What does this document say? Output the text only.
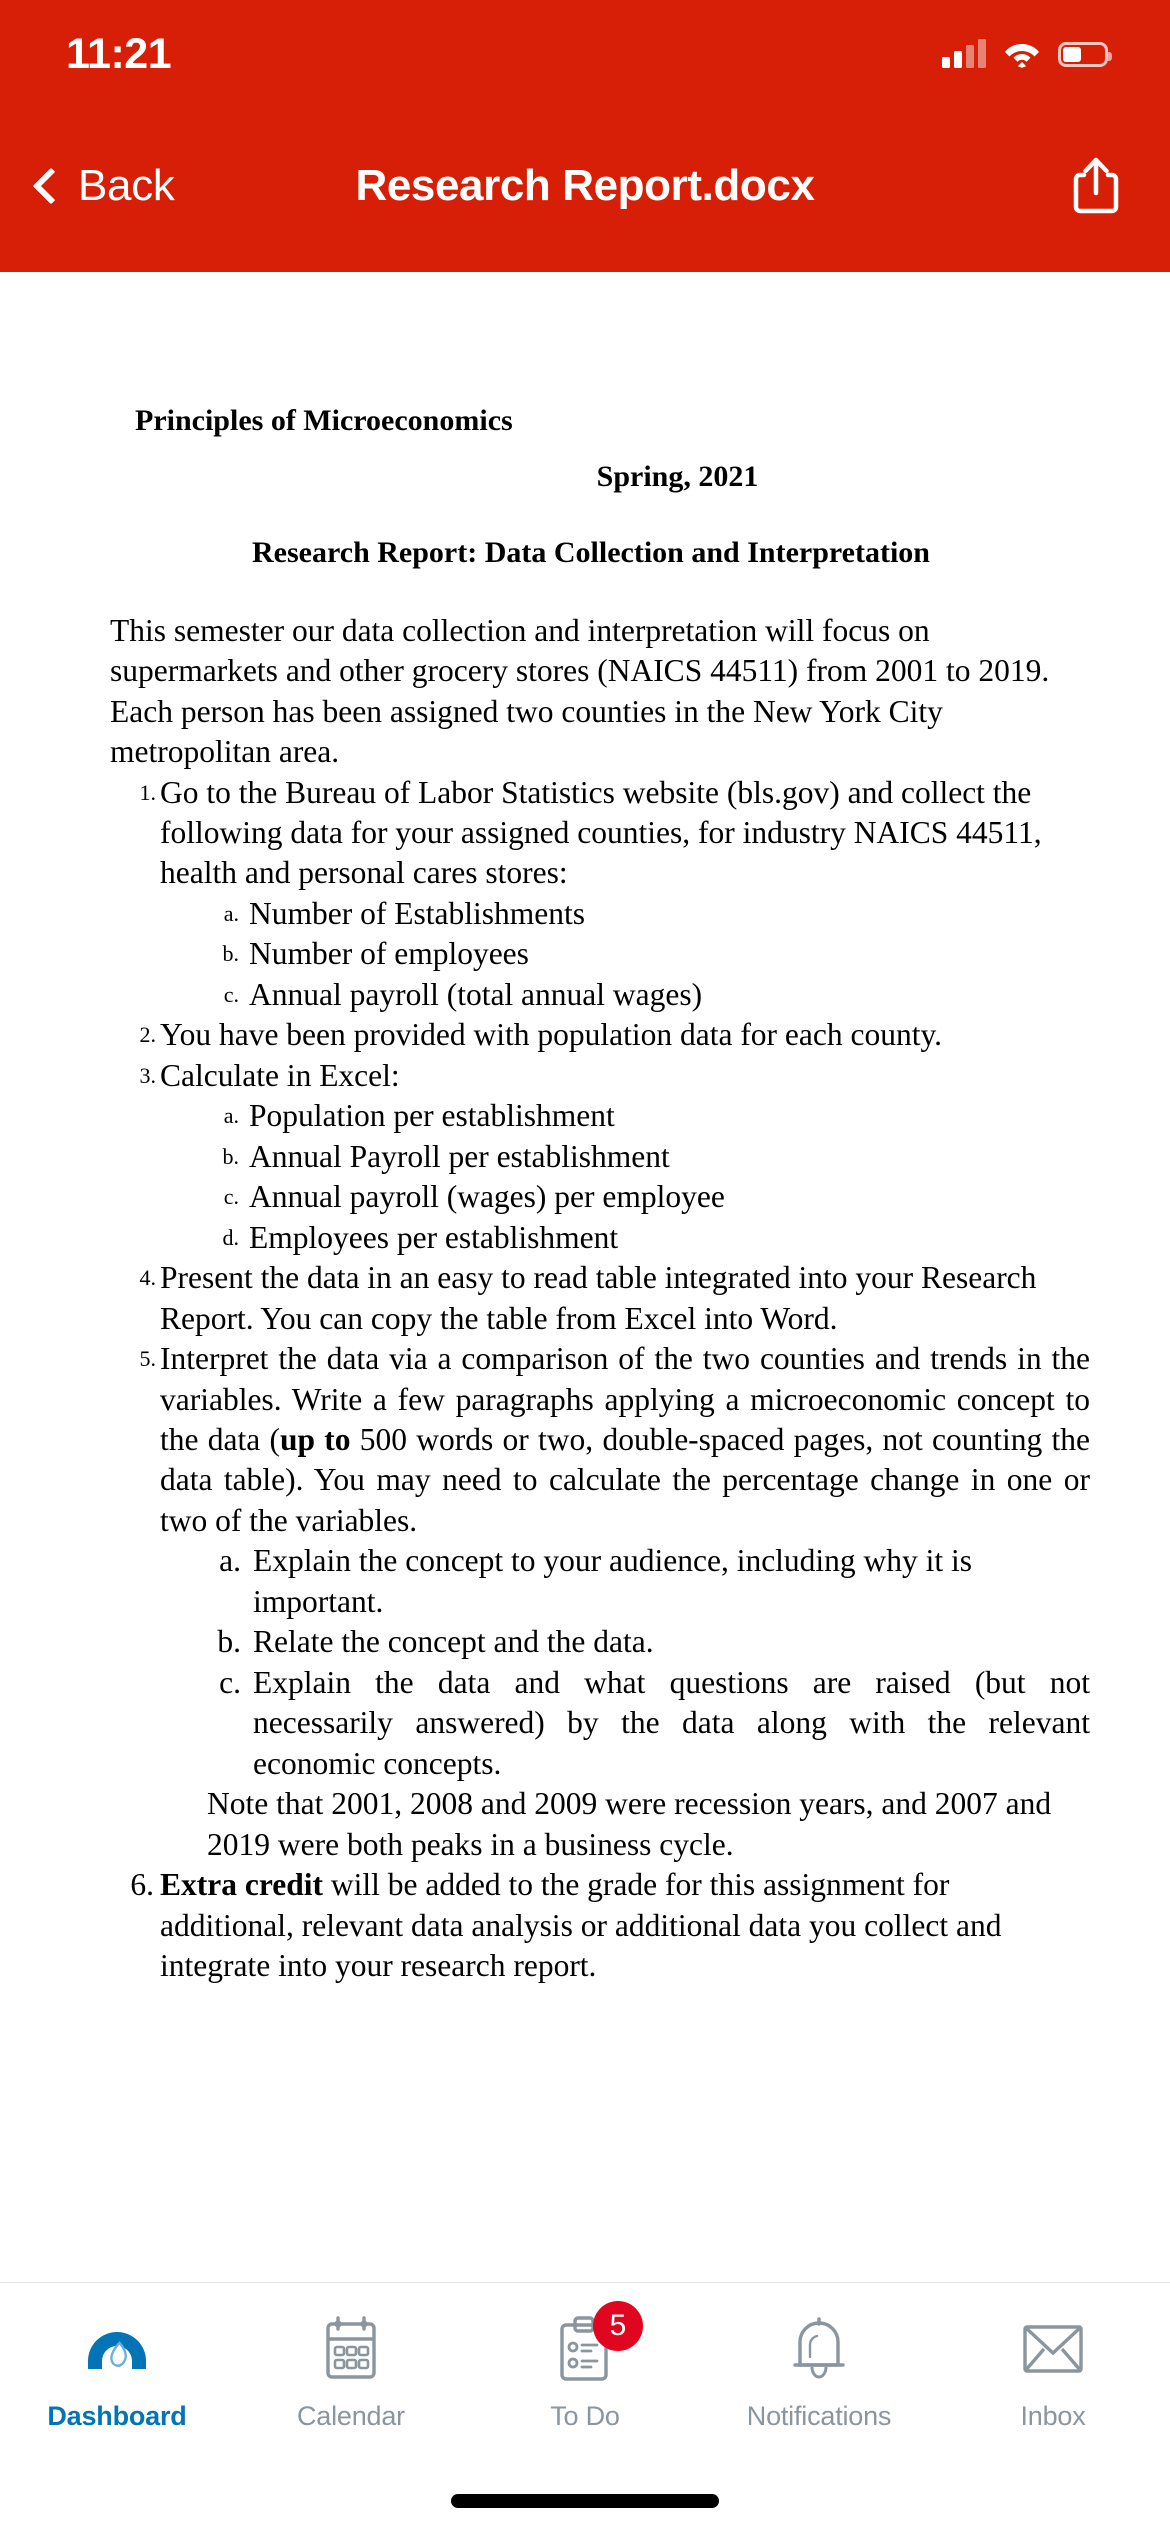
11:21
Research Report.docx
Back
Principles of Microeconomics
Spring, 2021
Research Report: Data Collection and Interpretation
This semester our data collection and interpretation will focus on supermarkets and other grocery stores (NAICS 44511) from 2001 to 2019. Each person has been assigned two counties in the New York City metropolitan area.
1. Go to the Bureau of Labor Statistics website (bls.gov) and collect the following data for your assigned counties, for industry NAICS 44511, health and personal cares stores:
a. Number of Establishments
b. Number of employees
c. Annual payroll (total annual wages)
2. You have been provided with population data for each county.
3. Calculate in Excel:
a. Population per establishment
b. Annual Payroll per establishment
c. Annual payroll (wages) per employee
d. Employees per establishment
4. Present the data in an easy to read table integrated into your Research Report. You can copy the table from Excel into Word.
5. Interpret the data via a comparison of the two counties and trends in the variables. Write a few paragraphs applying a microeconomic concept to the data (up to 500 words or two, double-spaced pages, not counting the data table). You may need to calculate the percentage change in one or two of the variables.
a. Explain the concept to your audience, including why it is important.
b. Relate the concept and the data.
c. Explain the data and what questions are raised (but not necessarily answered) by the data along with the relevant economic concepts.
Note that 2001, 2008 and 2009 were recession years, and 2007 and 2019 were both peaks in a business cycle.
6. Extra credit will be added to the grade for this assignment for additional, relevant data analysis or additional data you collect and integrate into your research report.
Dashboard	Calendar
5
To Do	Notifications	Inbox
